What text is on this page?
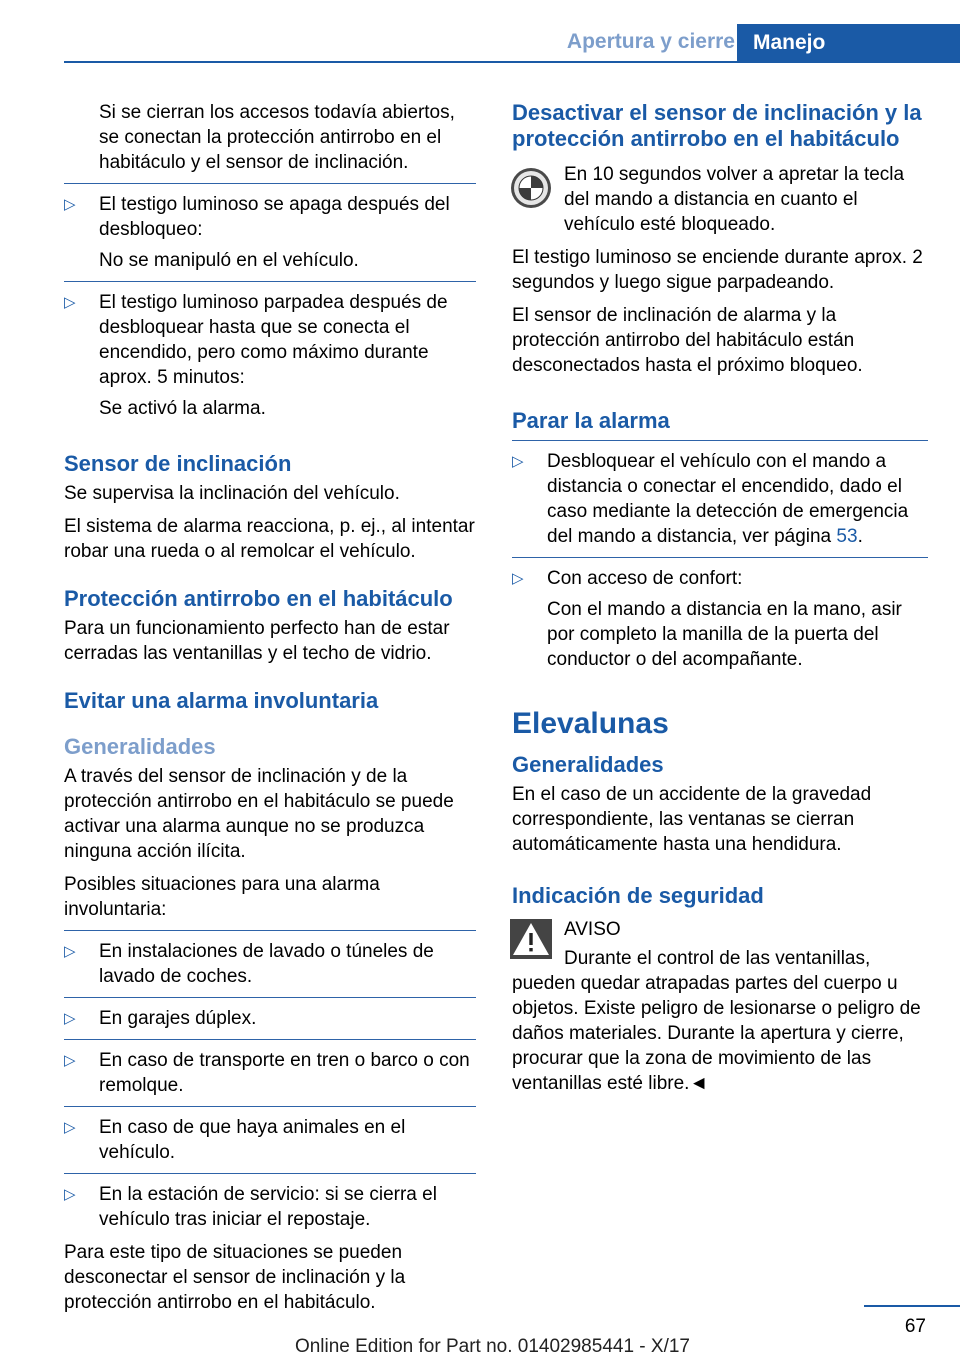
Apertura y cierre Manejo

Si se cierran los accesos todavía abiertos, se conectan la protección antirrobo en el habitáculo y el sensor de inclinación.

▷ El testigo luminoso se apaga después del desbloqueo:

No se manipuló en el vehículo.

▷ El testigo luminoso parpadea después de desbloquear hasta que se conecta el encendido, pero como máximo durante aprox. 5 minutos:

Se activó la alarma.

Sensor de inclinación

Se supervisa la inclinación del vehículo.

El sistema de alarma reacciona, p. ej., al intentar robar una rueda o al remolcar el vehículo.

Protección antirrobo en el habitáculo

Para un funcionamiento perfecto han de estar cerradas las ventanillas y el techo de vidrio.

Evitar una alarma involuntaria
Generalidades

A través del sensor de inclinación y de la protección antirrobo en el habitáculo se puede activar una alarma aunque no se produzca ninguna acción ilícita.

Posibles situaciones para una alarma involuntaria:

▷ En instalaciones de lavado o túneles de lavado de coches.
▷ En garajes dúplex.
▷ En caso de transporte en tren o barco o con remolque.
▷ En caso de que haya animales en el vehículo.
▷ En la estación de servicio: si se cierra el vehículo tras iniciar el repostaje.

Para este tipo de situaciones se pueden desconectar el sensor de inclinación y la protección antirrobo en el habitáculo.

Desactivar el sensor de inclinación y la protección antirrobo en el habitáculo

En 10 segundos volver a apretar la tecla del mando a distancia en cuanto el vehículo esté bloqueado.

El testigo luminoso se enciende durante aprox. 2 segundos y luego sigue parpadeando.

El sensor de inclinación de alarma y la protección antirrobo del habitáculo están desconectados hasta el próximo bloqueo.

Parar la alarma
▷ Desbloquear el vehículo con el mando a distancia o conectar el encendido, dado el caso mediante la detección de emergencia del mando a distancia, ver página 53.
▷ Con acceso de confort:

Con el mando a distancia en la mano, asir por completo la manilla de la puerta del conductor o del acompañante.

Elevalunas
Generalidades

En el caso de un accidente de la gravedad correspondiente, las ventanas se cierran automáticamente hasta una hendidura.

Indicación de seguridad

AVISO

Durante el control de las ventanillas, pueden quedar atrapadas partes del cuerpo u objetos. Existe peligro de lesionarse o peligro de daños materiales. Durante la apertura y cierre, procurar que la zona de movimiento de las ventanillas esté libre.◄

67
Online Edition for Part no. 01402985441 - X/17
